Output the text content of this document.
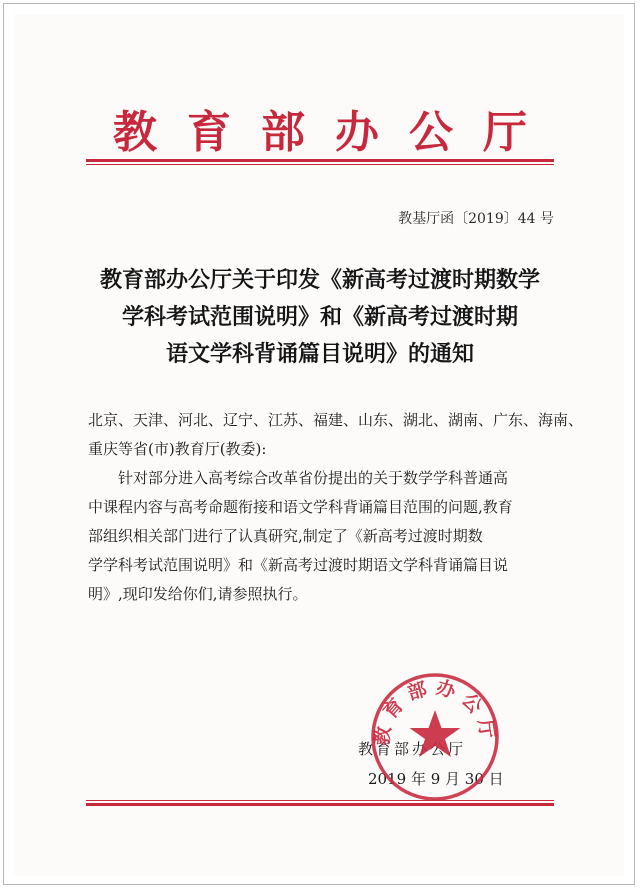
教育部办公厅
教基厅函〔2019〕44 号
教育部办公厅关于印发《新高考过渡时期数学
学科考试范围说明》和《新高考过渡时期
语文学科背诵篇目说明》的通知
北京、天津、河北、辽宁、江苏、福建、山东、湖北、湖南、广东、海南、
重庆等省(市)教育厅(教委):
针对部分进入高考综合改革省份提出的关于数学学科普通高
中课程内容与高考命题衔接和语文学科背诵篇目范围的问题,教育
部组织相关部门进行了认真研究,制定了《新高考过渡时期数
学学科考试范围说明》和《新高考过渡时期语文学科背诵篇目说
明》,现印发给你们,请参照执行。
教育部办公厅
2019 年 9 月 30 日
教育部办公厅
